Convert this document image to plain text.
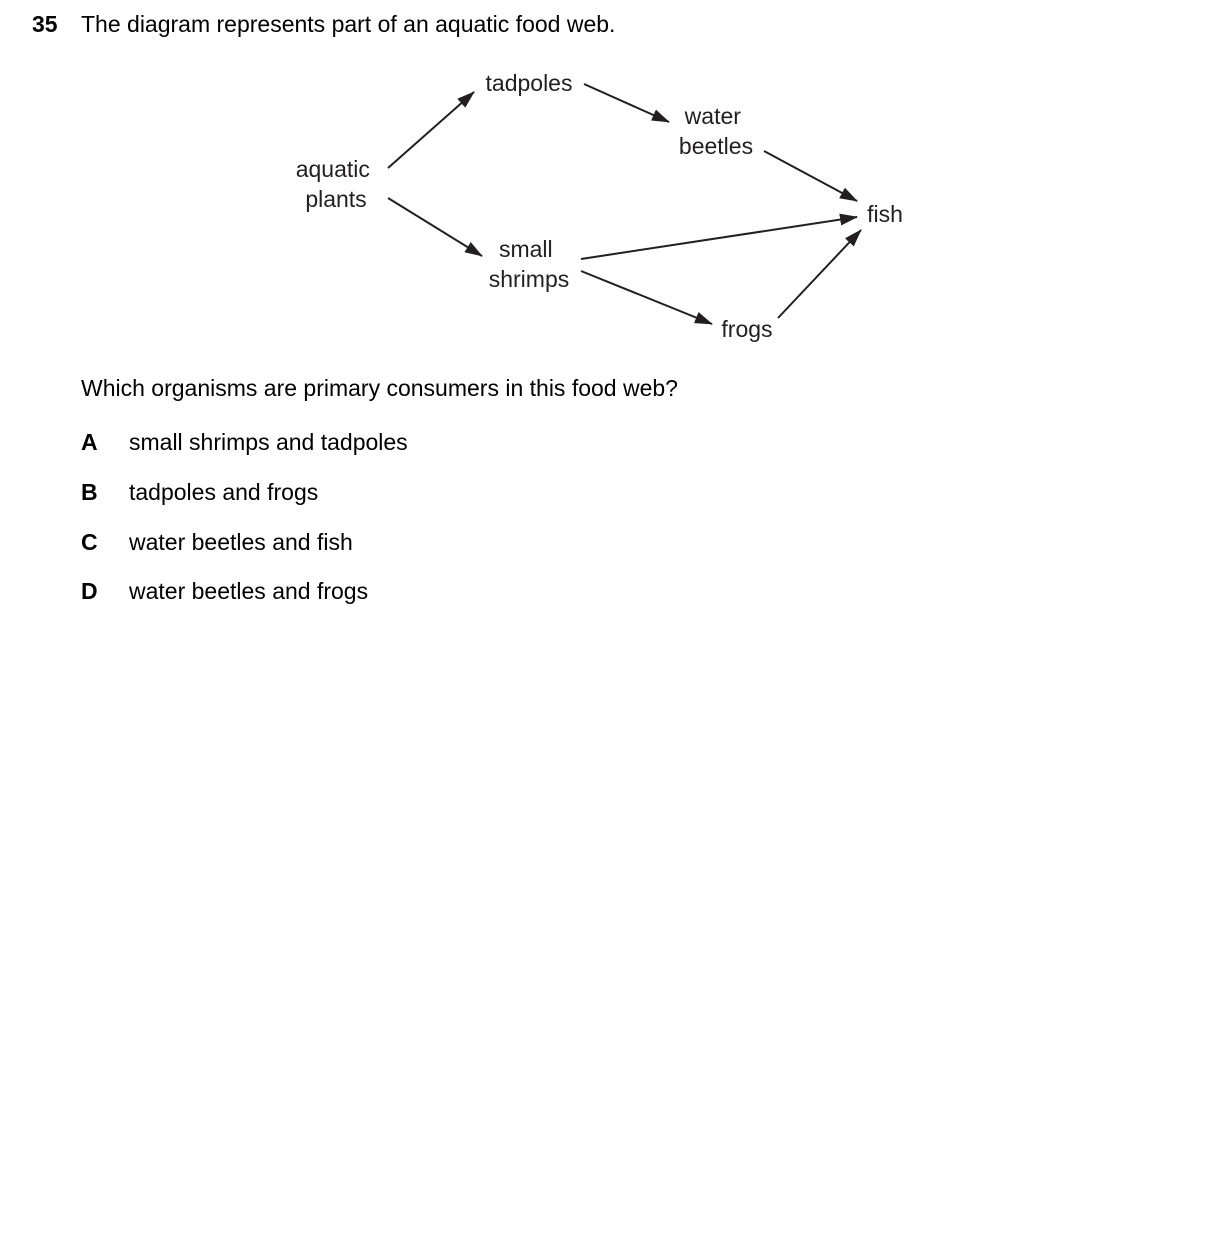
35 The diagram represents part of an aquatic food web.
aquatic plants
tadpoles
water beetles
small shrimps
frogs
fish
Which organisms are primary consumers in this food web?
A small shrimps and tadpoles
B tadpoles and frogs
C water beetles and fish
D water beetles and frogs
